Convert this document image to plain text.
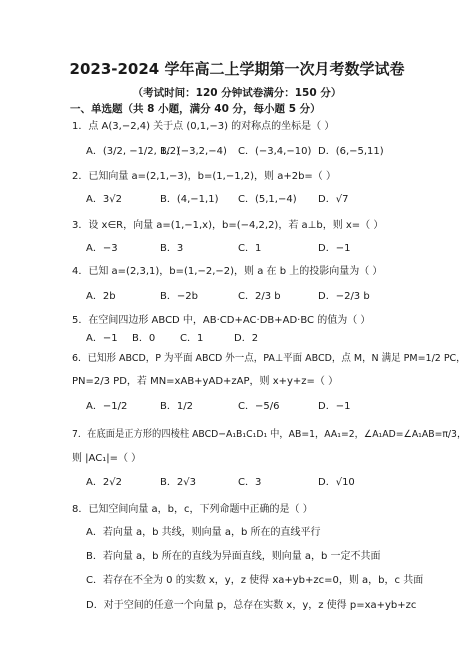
2023-2024 学年高二上学期第一次月考数学试卷
（考试时间：120 分钟试卷满分：150 分）
一、单选题（共 8 小题，满分 40 分，每小题 5 分）
1．点 A(3,−2,4) 关于点 (0,1,−3) 的对称点的坐标是（ ）
A．(3/2, −1/2, 1/2)
B．(−3,2,−4) C．(−3,4,−10) D．(6,−5,11)
2．已知向量 a=(2,1,−3)，b=(1,−1,2)，则 a+2b=（ ）
A．3√2	B．(4,−1,1) C．(5,1,−4) D．√7
3．设 x∈R，向量 a=(1,−1,x)，b=(−4,2,2)，若 a⊥b，则 x=（ ）
A．−3	B．3	C．1	D．−1
4．已知 a=(2,3,1)，b=(1,−2,−2)，则 a 在 b 上的投影向量为（ ）
A．2b	B．−2b	C．2/3 b	D．−2/3 b
5．在空间四边形 ABCD 中，AB·CD+AC·DB+AD·BC 的值为（ ）
A．−1 B．0 C．1	D．2
6．已知形 ABCD，P 为平面 ABCD 外一点，PA⊥平面 ABCD，点 M，N 满足 PM=1/2 PC，
PN=2/3 PD，若 MN=xAB+yAD+zAP，则 x+y+z=（ ）
A．−1/2	B．1/2	C．−5/6	D．−1
7．在底面是正方形的四棱柱 ABCD−A₁B₁C₁D₁ 中，AB=1，AA₁=2，∠A₁AD=∠A₁AB=π/3，
则 |AC₁|=（ ）
A．2√2	B．2√3	C．3	D．√10
8．已知空间向量 a，b，c，下列命题中正确的是（ ）
A．若向量 a，b 共线，则向量 a，b 所在的直线平行
B．若向量 a，b 所在的直线为异面直线，则向量 a，b 一定不共面
C．若存在不全为 0 的实数 x，y，z 使得 xa+yb+zc=0，则 a，b，c 共面
D．对于空间的任意一个向量 p，总存在实数 x，y，z 使得 p=xa+yb+zc
